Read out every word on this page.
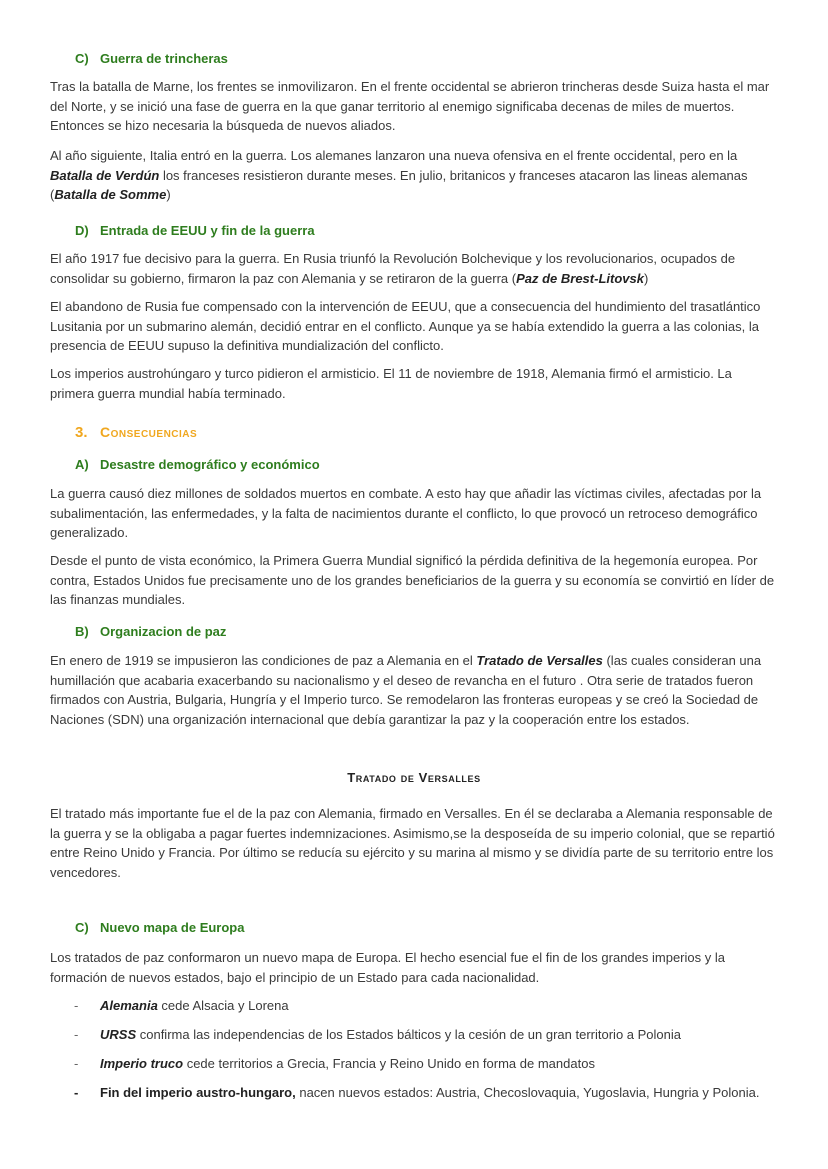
C) Guerra de trincheras

Tras la batalla de Marne, los frentes se inmovilizaron. En el frente occidental se abrieron trincheras desde Suiza hasta el mar del Norte, y se inició una fase de guerra en la que ganar territorio al enemigo significaba decenas de miles de muertos. Entonces se hizo necesaria la búsqueda de nuevos aliados.

Al año siguiente, Italia entró en la guerra. Los alemanes lanzaron una nueva ofensiva en el frente occidental, pero en la Batalla de Verdún los franceses resistieron durante meses. En julio, britanicos y franceses atacaron las lineas alemanas (Batalla de Somme)

D) Entrada de EEUU y fin de la guerra

El año 1917 fue decisivo para la guerra. En Rusia triunfó la Revolución Bolchevique y los revolucionarios, ocupados de consolidar su gobierno, firmaron la paz con Alemania y se retiraron de la guerra (Paz de Brest-Litovsk)

El abandono de Rusia fue compensado con la intervención de EEUU, que a consecuencia del hundimiento del trasatlántico Lusitania por un submarino alemán, decidió entrar en el conflicto. Aunque ya se había extendido la guerra a las colonias, la presencia de EEUU supuso la definitiva mundialización del conflicto.

Los imperios austrohúngaro y turco pidieron el armisticio. El 11 de noviembre de 1918, Alemania firmó el armisticio. La primera guerra mundial había terminado.

3. Consecuencias
A) Desastre demográfico y económico

La guerra causó diez millones de soldados muertos en combate. A esto hay que añadir las víctimas civiles, afectadas por la subalimentación, las enfermedades, y la falta de nacimientos durante el conflicto, lo que provocó un retroceso demográfico generalizado.

Desde el punto de vista económico, la Primera Guerra Mundial significó la pérdida definitiva de la hegemonía europea. Por contra, Estados Unidos fue precisamente uno de los grandes beneficiarios de la guerra y su economía se convirtió en líder de las finanzas mundiales.

B) Organizacion de paz

En enero de 1919 se impusieron las condiciones de paz a Alemania en el Tratado de Versalles (las cuales consideran una humillación que acabaria exacerbando su nacionalismo y el deseo de revancha en el futuro . Otra serie de tratados fueron firmados con Austria, Bulgaria, Hungría y el Imperio turco. Se remodelaron las fronteras europeas y se creó la Sociedad de Naciones (SDN) una organización internacional que debía garantizar la paz y la cooperación entre los estados.

Tratado de Versalles

El tratado más importante fue el de la paz con Alemania, firmado en Versalles. En él se declaraba a Alemania responsable de la guerra y se la obligaba a pagar fuertes indemnizaciones. Asimismo,se la desposeída de su imperio colonial, que se repartió entre Reino Unido y Francia. Por último se reducía su ejército y su marina al mismo y se dividía parte de su territorio entre los vencedores.

C) Nuevo mapa de Europa

Los tratados de paz conformaron un nuevo mapa de Europa. El hecho esencial fue el fin de los grandes imperios y la formación de nuevos estados, bajo el principio de un Estado para cada nacionalidad.

- Alemania cede Alsacia y Lorena

- URSS confirma las independencias de los Estados bálticos y la cesión de un gran territorio a Polonia

- Imperio truco cede territorios a Grecia, Francia y Reino Unido en forma de mandatos

- Fin del imperio austro-hungaro, nacen nuevos estados: Austria, Checoslovaquia, Yugoslavia, Hungria y Polonia.
